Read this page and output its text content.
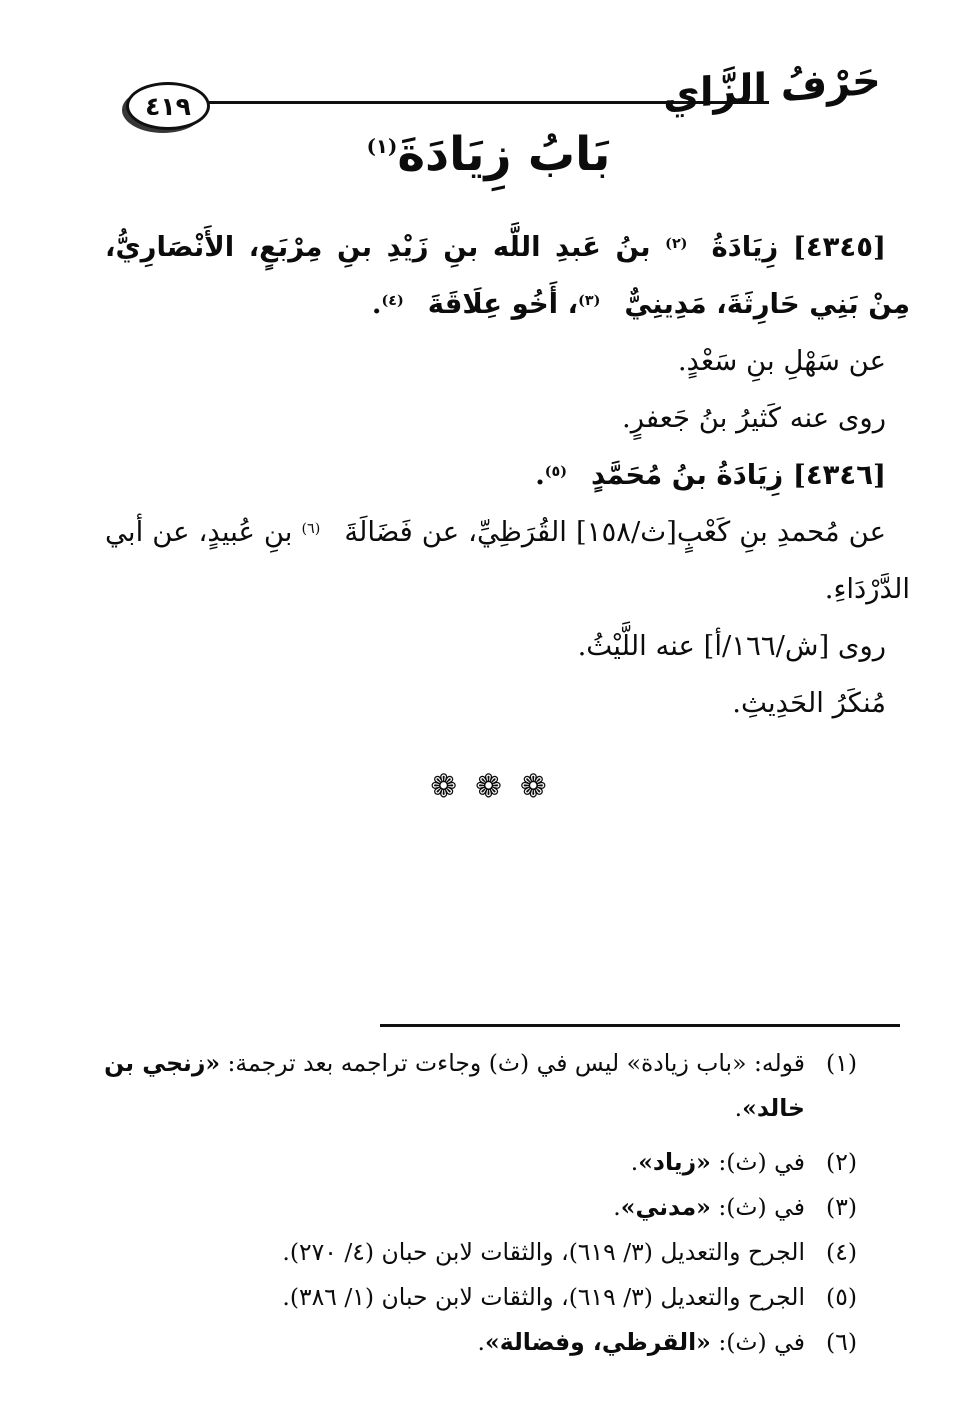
٤١٩	حَرْفُ الزَّاي
بَابُ زِيَادَةَ(١)

[٤٣٤٥] زِيَادَةُ(٢) بنُ عَبدِ اللَّه بنِ زَيْدِ بنِ مِرْبَعٍ، الأَنْصَارِيُّ، مِنْ بَنِي حَارِثَةَ، مَدِينِيٌّ(٣)، أَخُو عِلَاقَةَ(٤).

عن سَهْلِ بنِ سَعْدٍ.

روى عنه كَثيرُ بنُ جَعفرٍ.

[٤٣٤٦] زِيَادَةُ بنُ مُحَمَّدٍ(٥).

عن مُحمدِ بنِ كَعْبٍ[ث/١٥٨] القُرَظِيِّ، عن فَضَالَةَ(٦) بنِ عُبيدٍ، عن أبي الدَّرْدَاءِ.

روى [ش/١٦٦/أ] عنه اللَّيْثُ.

مُنكَرُ الحَدِيثِ.

❁ ❁ ❁
(١)
قوله: «باب زيادة» ليس في (ث) وجاءت تراجمه بعد ترجمة: «زنجي بن خالد».
(٢)
في (ث): «زياد».
(٣)
في (ث): «مدني».
(٤)
الجرح والتعديل (٣/ ٦١٩)، والثقات لابن حبان (٤/ ٢٧٠).
(٥)
الجرح والتعديل (٣/ ٦١٩)، والثقات لابن حبان (١/ ٣٨٦).
(٦)
في (ث): «القرظي، وفضالة».
